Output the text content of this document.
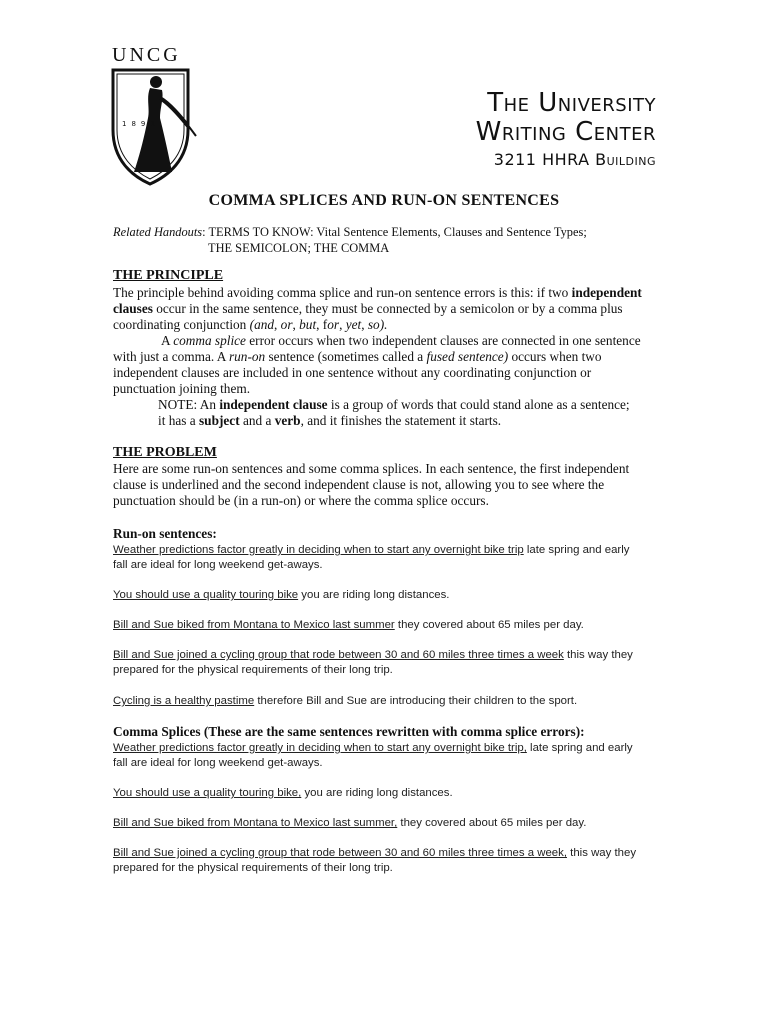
UNCG
1891
The University
Writing Center
3211 HHRA Building
COMMA SPLICES AND RUN-ON SENTENCES
Related Handouts: TERMS TO KNOW: Vital Sentence Elements, Clauses and Sentence Types;
THE SEMICOLON; THE COMMA
THE PRINCIPLE

The principle behind avoiding comma splice and run-on sentence errors is this: if two independent clauses occur in the same sentence, they must be connected by a semicolon or by a comma plus coordinating conjunction (and, or, but, for, yet, so).

A comma splice error occurs when two independent clauses are connected in one sentence with just a comma. A run-on sentence (sometimes called a fused sentence) occurs when two independent clauses are included in one sentence without any coordinating conjunction or punctuation joining them.

NOTE: An independent clause is a group of words that could stand alone as a sentence;
it has a subject and a verb, and it finishes the statement it starts.

THE PROBLEM
Here are some run-on sentences and some comma splices. In each sentence, the first independent clause is underlined and the second independent clause is not, allowing you to see where the punctuation should be (in a run-on) or where the comma splice occurs.
Run-on sentences:
Weather predictions factor greatly in deciding when to start any overnight bike trip late spring and early fall are ideal for long weekend get-aways.
You should use a quality touring bike you are riding long distances.
Bill and Sue biked from Montana to Mexico last summer they covered about 65 miles per day.
Bill and Sue joined a cycling group that rode between 30 and 60 miles three times a week this way they prepared for the physical requirements of their long trip.
Cycling is a healthy pastime therefore Bill and Sue are introducing their children to the sport.
Comma Splices (These are the same sentences rewritten with comma splice errors):
Weather predictions factor greatly in deciding when to start any overnight bike trip, late spring and early fall are ideal for long weekend get-aways.
You should use a quality touring bike, you are riding long distances.
Bill and Sue biked from Montana to Mexico last summer, they covered about 65 miles per day.
Bill and Sue joined a cycling group that rode between 30 and 60 miles three times a week, this way they prepared for the physical requirements of their long trip.
